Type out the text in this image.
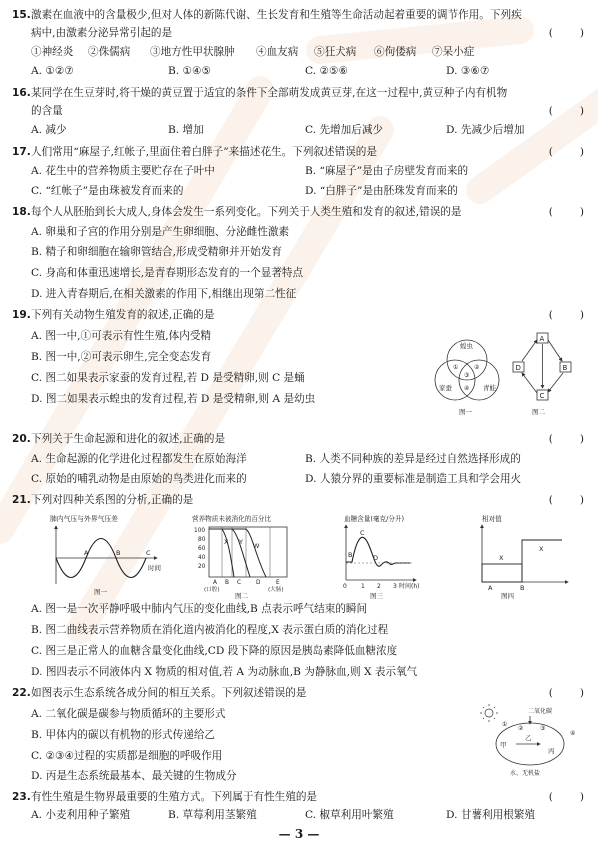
15. 激素在血液中的含量极少,但对人体的新陈代谢、生长发育和生殖等生命活动起着重要的调节作用。下列疾
病中,由激素分泌异常引起的是	(        )
①神经炎 ②侏儒病 ③地方性甲状腺肿 ④血友病 ⑤狂犬病 ⑥佝偻病 ⑦呆小症
A. ①②⑦	B. ①④⑤	C. ②⑤⑥	D. ③⑥⑦
16. 某同学在生豆芽时,将干燥的黄豆置于适宜的条件下全部萌发成黄豆芽,在这一过程中,黄豆种子内有机物
的含量	(        )
A. 减少	B. 增加	C. 先增加后减少	D. 先减少后增加
17. 人们常用“麻屋子,红帐子,里面住着白胖子”来描述花生。下列叙述错误的是	(        )
A. 花生中的营养物质主要贮存在子叶中	B. “麻屋子”是由子房壁发育而来的
C. “红帐子”是由珠被发育而来的	D. “白胖子”是由胚珠发育而来的
18. 每个人从胚胎到长大成人,身体会发生一系列变化。下列关于人类生殖和发育的叙述,错误的是	(        )
A. 卵巢和子宫的作用分别是产生卵细胞、分泌雌性激素
B. 精子和卵细胞在输卵管结合,形成受精卵并开始发育
C. 身高和体重迅速增长,是青春期形态发育的一个显著特点
D. 进入青春期后,在相关激素的作用下,相继出现第二性征
19. 下列有关动物生殖发育的叙述,正确的是	(        )
A. 图一中,①可表示有性生殖,体内受精
B. 图一中,②可表示卵生,完全变态发育
C. 图二如果表示家蚕的发育过程,若 D 是受精卵,则 C 是蛹
D. 图二如果表示蝗虫的发育过程,若 D 是受精卵,则 A 是幼虫
蝗虫
家蚕	青蛙
①	②
③
④
图一
A
B
C
D
图二
20. 下列关于生命起源和进化的叙述,正确的是	(        )
A. 生命起源的化学进化过程都发生在原始海洋	B. 人类不同种族的差异是经过自然选择形成的
C. 原始的哺乳动物是由原始的鸟类进化而来的	D. 人猿分界的重要标准是制造工具和学会用火
21. 下列对四种关系图的分析,正确的是	(        )
肺内气压与外界气压差
A	B	C
时间
图一
营养物质未被消化的百分比
100
80
60
40
20
X Y W
A B C	D	E
(口腔)	(大肠)
图二
血糖含量(毫克/分升)
B
C
D
0 1 2 3 时间(h)
图三
相对值
X
X
A	B
图四
A. 图一是一次平静呼吸中肺内气压的变化曲线,B 点表示呼气结束的瞬间
B. 图二曲线表示营养物质在消化道内被消化的程度,X 表示蛋白质的消化过程
C. 图三是正常人的血糖含量变化曲线,CD 段下降的原因是胰岛素降低血糖浓度
D. 图四表示不同液体内 X 物质的相对值,若 A 为动脉血,B 为静脉血,则 X 表示氧气
22. 如图表示生态系统各成分间的相互关系。下列叙述错误的是	(        )
A. 二氧化碳是碳参与物质循环的主要形式
B. 甲体内的碳以有机物的形式传递给乙
C. ②③④过程的实质都是细胞的呼吸作用
D. 丙是生态系统最基本、最关键的生物成分
二氧化碳
甲
乙
丙
①
②	③
④
水、无机盐
23. 有性生殖是生物界最重要的生殖方式。下列属于有性生殖的是	(        )
A. 小麦利用种子繁殖	B. 草莓利用茎繁殖	C. 椒草利用叶繁殖	D. 甘薯利用根繁殖
— 3 —
